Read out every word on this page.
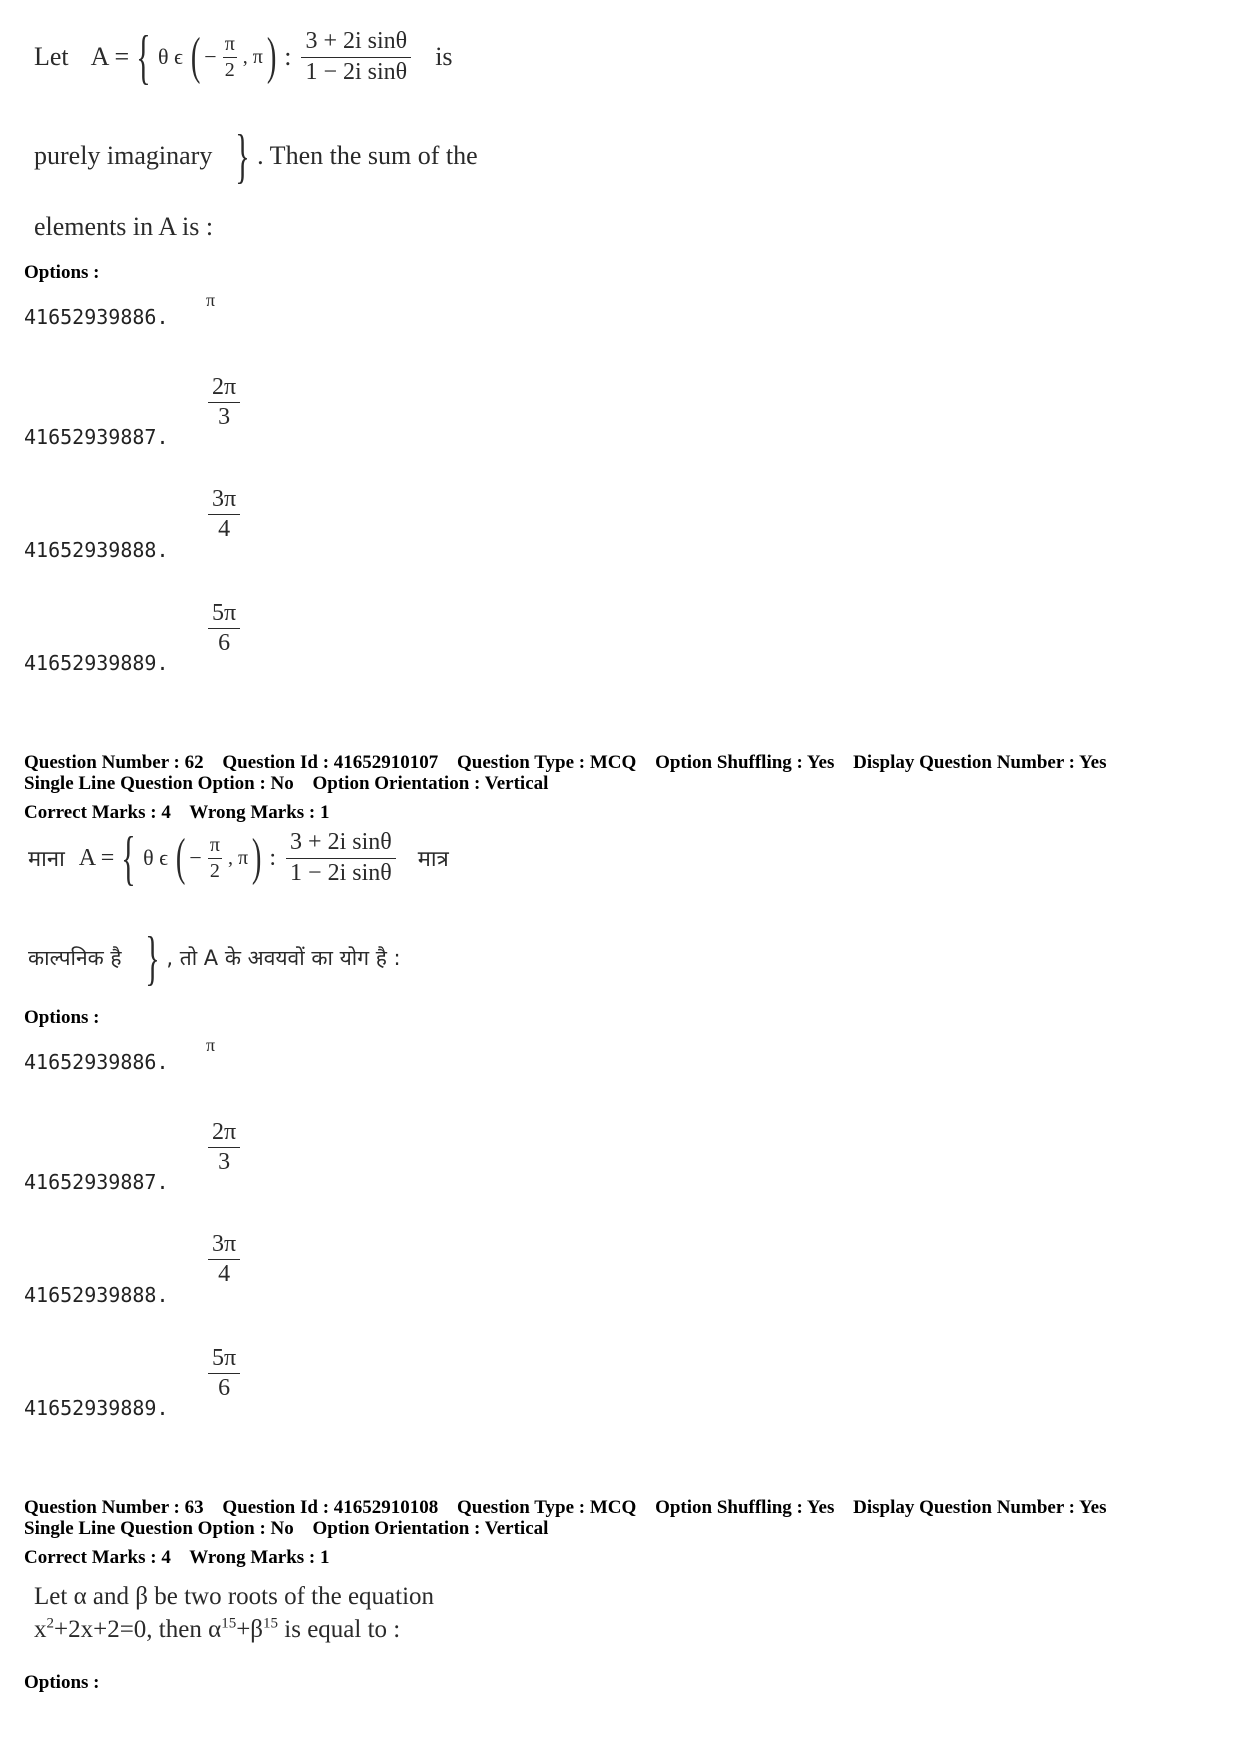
Let A = { θ ϵ ( − $\frac{\pi}{2}$ , π ) : $\frac{\text{3 + 2i sinθ}}{\text{1 − 2i sinθ}}$ is
purely imaginary } . Then the sum of the
elements in A is :
Options :
41652939886.
π
41652939887.
$\frac{2\pi}{3}$
41652939888.
$\frac{3\pi}{4}$
41652939889.
$\frac{5\pi}{6}$
Question Number : 62 Question Id : 41652910107 Question Type : MCQ Option Shuffling : Yes Display Question Number : Yes
Single Line Question Option : No Option Orientation : Vertical
Correct Marks : 4 Wrong Marks : 1
माना A = { θ ϵ ( − $\frac{\pi}{2}$ , π ) : $\frac{\text{3 + 2i sinθ}}{\text{1 − 2i sinθ}}$ मात्र
काल्पनिक है } , तो A के अवयवों का योग है :
Options :
41652939886.
π
41652939887.
$\frac{2\pi}{3}$
41652939888.
$\frac{3\pi}{4}$
41652939889.
$\frac{5\pi}{6}$
Question Number : 63 Question Id : 41652910108 Question Type : MCQ Option Shuffling : Yes Display Question Number : Yes
Single Line Question Option : No Option Orientation : Vertical
Correct Marks : 4 Wrong Marks : 1
Let α and β be two roots of the equation
$x^2+2x+2=0$, then $\alpha^{15}+\beta^{15}$ is equal to :
Options :
